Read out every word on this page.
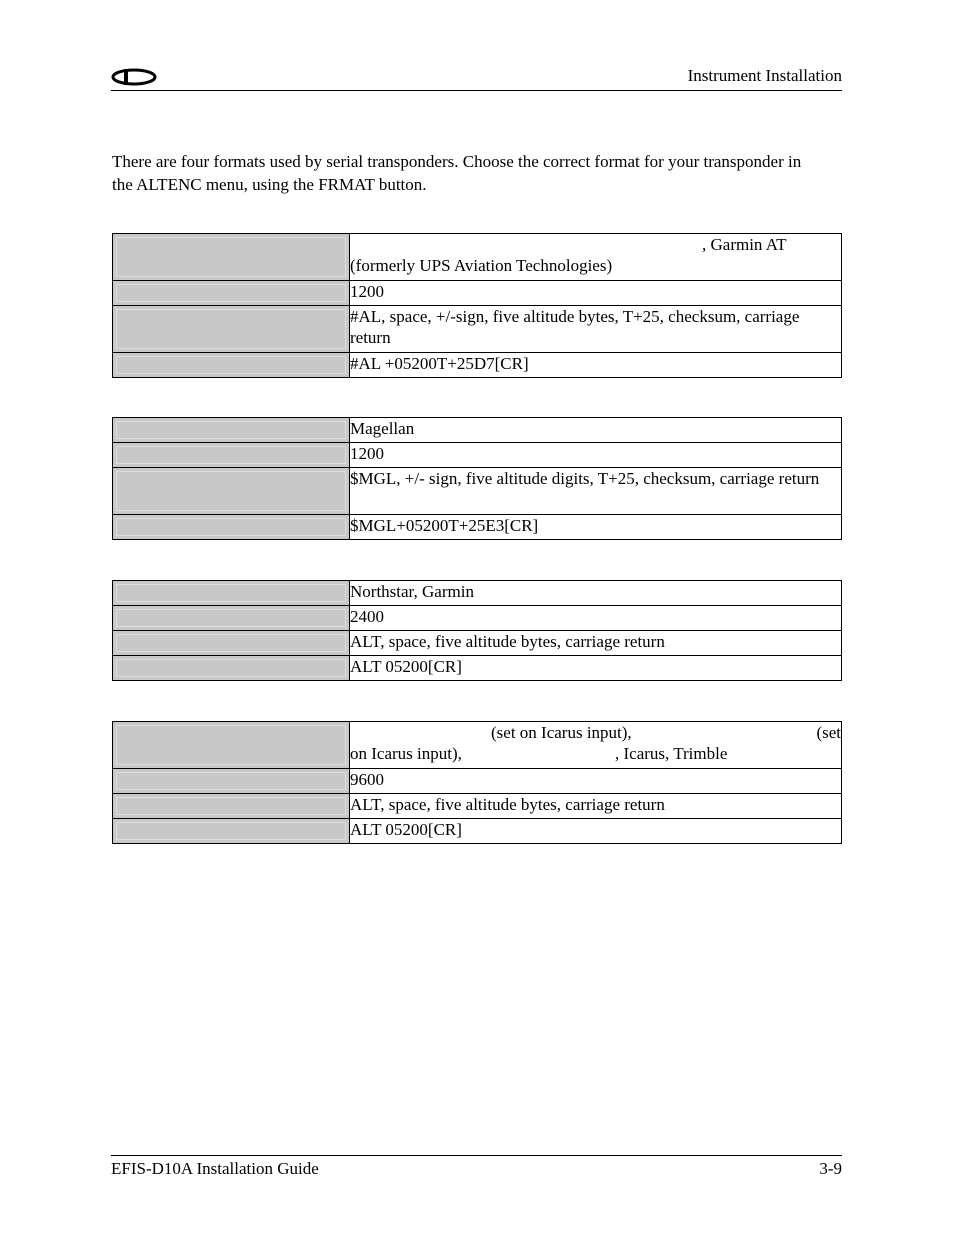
Instrument Installation

There are four formats used by serial transponders. Choose the correct format for your transponder in the ALTENC menu, using the FRMAT button.

	, Garmin AT
(formerly UPS Aviation Technologies)

	1200
	#AL, space, +/-sign, five altitude bytes, T+25, checksum, carriage return
	#AL +05200T+25D7[CR]
	Magellan
	1200
	$MGL, +/- sign, five altitude digits, T+25, checksum, carriage return
	$MGL+05200T+25E3[CR]
	Northstar, Garmin
	2400
	ALT, space, five altitude bytes, carriage return
	ALT 05200[CR]

	(set on Icarus input), (set
on Icarus input), , Icarus, Trimble

	9600
	ALT, space, five altitude bytes, carriage return
	ALT 05200[CR]
EFIS-D10A Installation Guide	3-9
